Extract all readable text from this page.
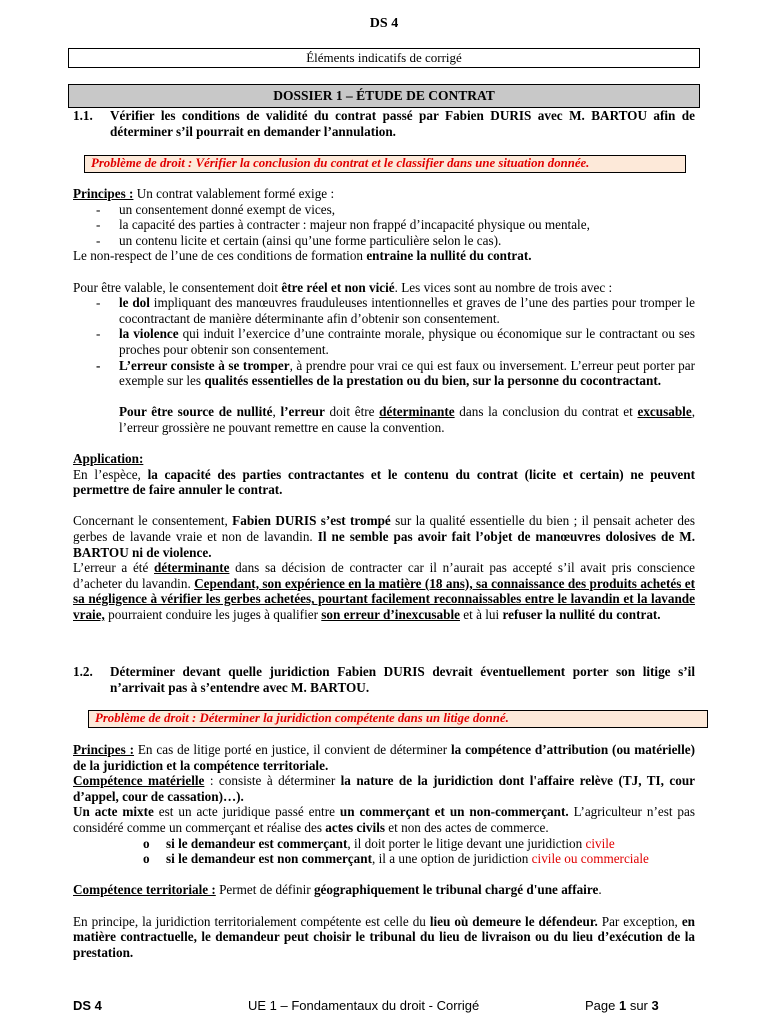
DS 4
Éléments indicatifs de corrigé
DOSSIER 1 – ÉTUDE DE CONTRAT
1.1. Vérifier les conditions de validité du contrat passé par Fabien DURIS avec M. BARTOU afin de déterminer s’il pourrait en demander l’annulation.
Problème de droit : Vérifier la conclusion du contrat et le classifier dans une situation donnée.

Principes : Un contrat valablement formé exige :

- un consentement donné exempt de vices,
- la capacité des parties à contracter : majeur non frappé d’incapacité physique ou mentale,
- un contenu licite et certain (ainsi qu’une forme particulière selon le cas).

Le non-respect de l’une de ces conditions de formation entraine la nullité du contrat.

Pour être valable, le consentement doit être réel et non vicié. Les vices sont au nombre de trois avec :

- le dol impliquant des manœuvres frauduleuses intentionnelles et graves de l’une des parties pour tromper le cocontractant de manière déterminante afin d’obtenir son consentement.
- la violence qui induit l’exercice d’une contrainte morale, physique ou économique sur le contractant ou ses proches pour obtenir son consentement.
- L’erreur consiste à se tromper, à prendre pour vrai ce qui est faux ou inversement. L’erreur peut porter par exemple sur les qualités essentielles de la prestation ou du bien, sur la personne du cocontractant.
Pour être source de nullité, l’erreur doit être déterminante dans la conclusion du contrat et excusable, l’erreur grossière ne pouvant remettre en cause la convention.

Application:

En l’espèce, la capacité des parties contractantes et le contenu du contrat (licite et certain) ne peuvent permettre de faire annuler le contrat.

Concernant le consentement, Fabien DURIS s’est trompé sur la qualité essentielle du bien ; il pensait acheter des gerbes de lavande vraie et non de lavandin. Il ne semble pas avoir fait l’objet de manœuvres dolosives de M. BARTOU ni de violence.

L’erreur a été déterminante dans sa décision de contracter car il n’aurait pas accepté s’il avait pris conscience d’acheter du lavandin. Cependant, son expérience en la matière (18 ans), sa connaissance des produits achetés et sa négligence à vérifier les gerbes achetées, pourtant facilement reconnaissables entre le lavandin et la lavande vraie, pourraient conduire les juges à qualifier son erreur d’inexcusable et à lui refuser la nullité du contrat.

1.2. Déterminer devant quelle juridiction Fabien DURIS devrait éventuellement porter son litige s’il n’arrivait pas à s’entendre avec M. BARTOU.
Problème de droit : Déterminer la juridiction compétente dans un litige donné.

Principes : En cas de litige porté en justice, il convient de déterminer la compétence d’attribution (ou matérielle) de la juridiction et la compétence territoriale.

Compétence matérielle : consiste à déterminer la nature de la juridiction dont l'affaire relève (TJ, TI, cour d’appel, cour de cassation)…).

Un acte mixte est un acte juridique passé entre un commerçant et un non-commerçant. L’agriculteur n’est pas considéré comme un commerçant et réalise des actes civils et non des actes de commerce.

o si le demandeur est commerçant, il doit porter le litige devant une juridiction civile
o si le demandeur est non commerçant, il a une option de juridiction civile ou commerciale

Compétence territoriale : Permet de définir géographiquement le tribunal chargé d'une affaire.

En principe, la juridiction territorialement compétente est celle du lieu où demeure le défendeur. Par exception, en matière contractuelle, le demandeur peut choisir le tribunal du lieu de livraison ou du lieu d’exécution de la prestation.

DS 4	UE 1 – Fondamentaux du droit - Corrigé	Page 1 sur 3
